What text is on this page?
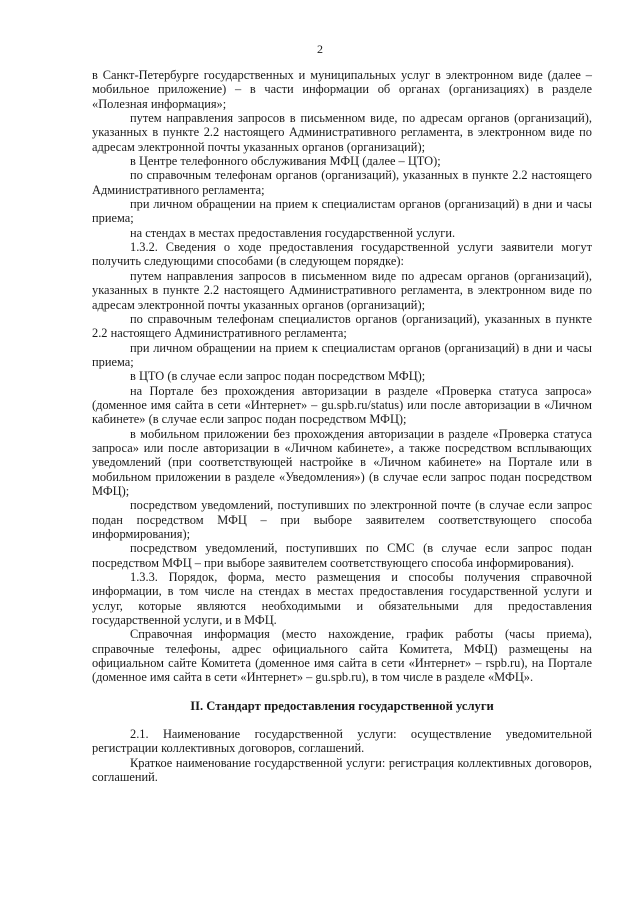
2

в Санкт-Петербурге государственных и муниципальных услуг в электронном виде (далее – мобильное приложение) – в части информации об органах (организациях) в разделе «Полезная информация»;

путем направления запросов в письменном виде, по адресам органов (организаций), указанных в пункте 2.2 настоящего Административного регламента, в электронном виде по адресам электронной почты указанных органов (организаций);

в Центре телефонного обслуживания МФЦ (далее – ЦТО);

по справочным телефонам органов (организаций), указанных в пункте 2.2 настоящего Административного регламента;

при личном обращении на прием к специалистам органов (организаций) в дни и часы приема;

на стендах в местах предоставления государственной услуги.

1.3.2. Сведения о ходе предоставления государственной услуги заявители могут получить следующими способами (в следующем порядке):

путем направления запросов в письменном виде по адресам органов (организаций), указанных в пункте 2.2 настоящего Административного регламента, в электронном виде по адресам электронной почты указанных органов (организаций);

по справочным телефонам специалистов органов (организаций), указанных в пункте 2.2 настоящего Административного регламента;

при личном обращении на прием к специалистам органов (организаций) в дни и часы приема;

в ЦТО (в случае если запрос подан посредством МФЦ);

на Портале без прохождения авторизации в разделе «Проверка статуса запроса» (доменное имя сайта в сети «Интернет» – gu.spb.ru/status) или после авторизации в «Личном кабинете» (в случае если запрос подан посредством МФЦ);

в мобильном приложении без прохождения авторизации в разделе «Проверка статуса запроса» или после авторизации в «Личном кабинете», а также посредством всплывающих уведомлений (при соответствующей настройке в «Личном кабинете» на Портале или в мобильном приложении в разделе «Уведомления») (в случае если запрос подан посредством МФЦ);

посредством уведомлений, поступивших по электронной почте (в случае если запрос подан посредством МФЦ – при выборе заявителем соответствующего способа информирования);

посредством уведомлений, поступивших по СМС (в случае если запрос подан посредством МФЦ – при выборе заявителем соответствующего способа информирования).

1.3.3. Порядок, форма, место размещения и способы получения справочной информации, в том числе на стендах в местах предоставления государственной услуги и услуг, которые являются необходимыми и обязательными для предоставления государственной услуги, и в МФЦ.

Справочная информация (место нахождение, график работы (часы приема), справочные телефоны, адрес официального сайта Комитета, МФЦ) размещены на официальном сайте Комитета (доменное имя сайта в сети «Интернет» – rspb.ru), на Портале (доменное имя сайта в сети «Интернет» – gu.spb.ru), в том числе в разделе «МФЦ».

II. Стандарт предоставления государственной услуги

2.1. Наименование государственной услуги: осуществление уведомительной регистрации коллективных договоров, соглашений.

Краткое наименование государственной услуги: регистрация коллективных договоров, соглашений.
